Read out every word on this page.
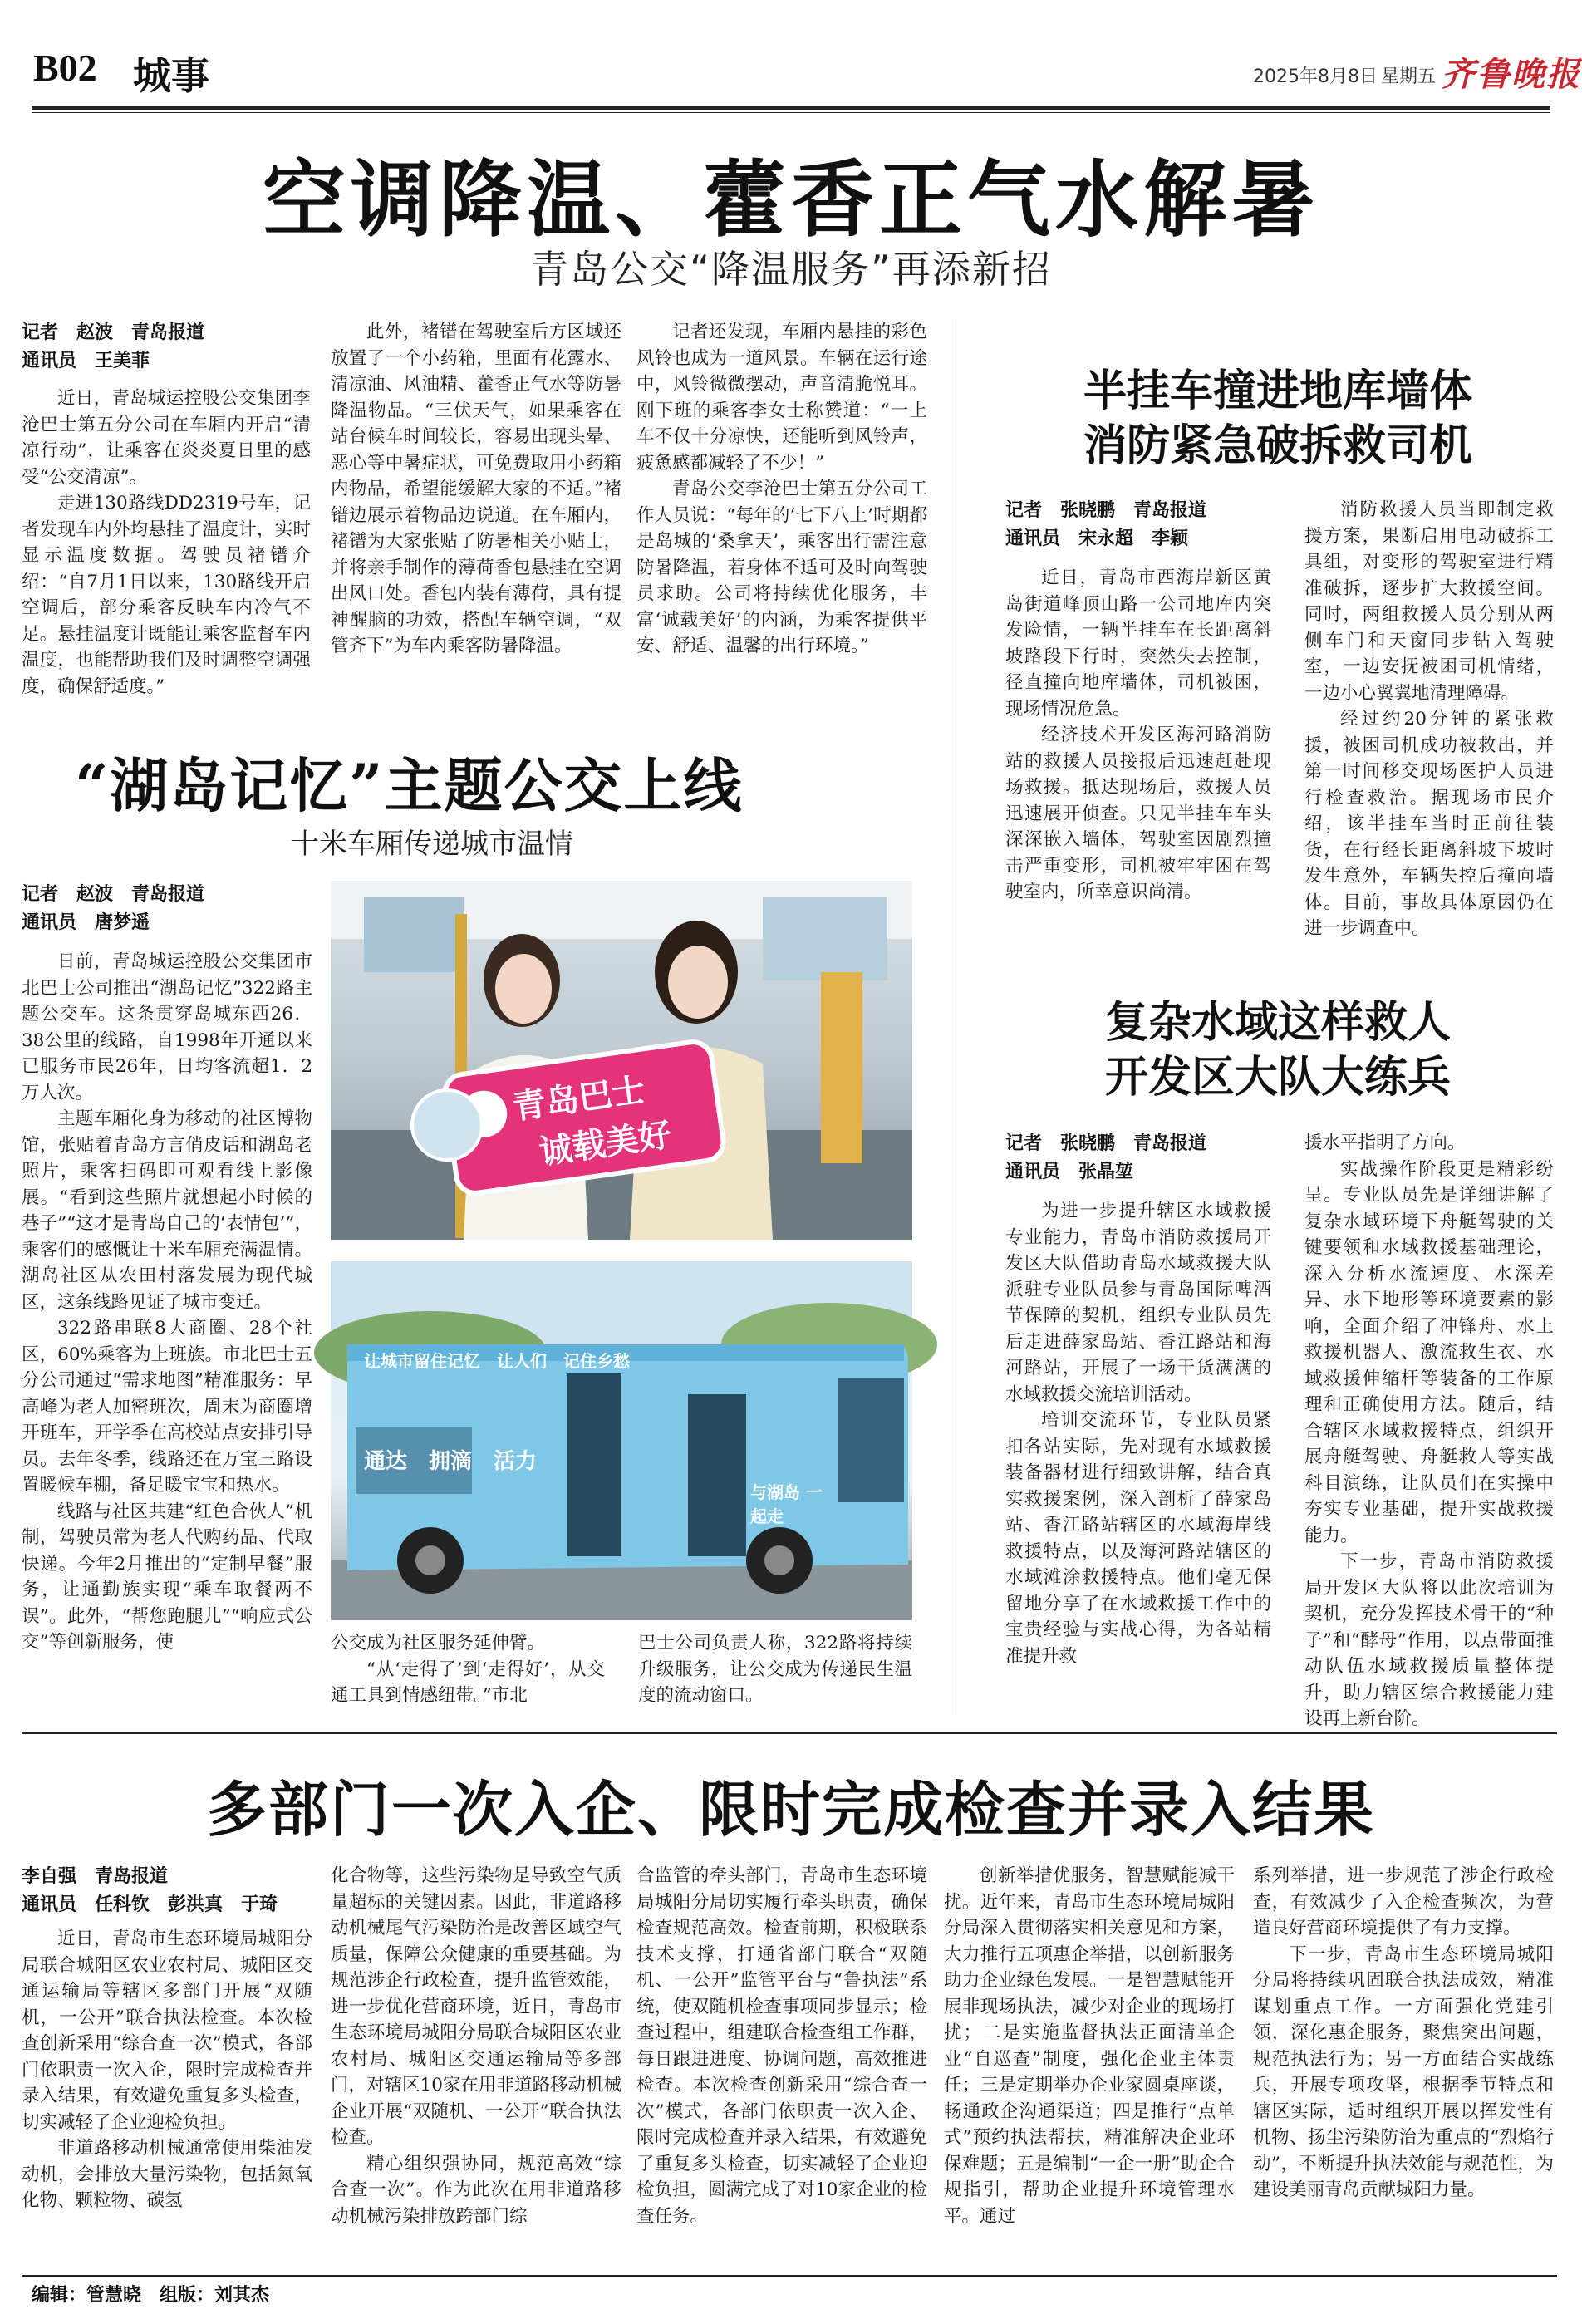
B02 城事	2025年8月8日 星期五 齐鲁晚报
空调降温、藿香正气水解暑
青岛公交“降温服务”再添新招
记者　赵波　青岛报道
通讯员　王美菲

近日，青岛城运控股公交集团李沧巴士第五分公司在车厢内开启“清凉行动”，让乘客在炎炎夏日里的感受“公交清凉”。

走进130路线DD2319号车，记者发现车内外均悬挂了温度计，实时显示温度数据。驾驶员褚镨介绍：“自7月1日以来，130路线开启空调后，部分乘客反映车内冷气不足。悬挂温度计既能让乘客监督车内温度，也能帮助我们及时调整空调强度，确保舒适度。”

此外，褚镨在驾驶室后方区域还放置了一个小药箱，里面有花露水、清凉油、风油精、藿香正气水等防暑降温物品。“三伏天气，如果乘客在站台候车时间较长，容易出现头晕、恶心等中暑症状，可免费取用小药箱内物品，希望能缓解大家的不适。”褚镨边展示着物品边说道。在车厢内，褚镨为大家张贴了防暑相关小贴士，并将亲手制作的薄荷香包悬挂在空调出风口处。香包内装有薄荷，具有提神醒脑的功效，搭配车辆空调，“双管齐下”为车内乘客防暑降温。

记者还发现，车厢内悬挂的彩色风铃也成为一道风景。车辆在运行途中，风铃微微摆动，声音清脆悦耳。刚下班的乘客李女士称赞道：“一上车不仅十分凉快，还能听到风铃声，疲惫感都减轻了不少！”

青岛公交李沧巴士第五分公司工作人员说：“每年的‘七下八上’时期都是岛城的‘桑拿天’，乘客出行需注意防暑降温，若身体不适可及时向驾驶员求助。公司将持续优化服务，丰富‘诚载美好’的内涵，为乘客提供平安、舒适、温馨的出行环境。”

“湖岛记忆”主题公交上线
十米车厢传递城市温情
记者　赵波　青岛报道
通讯员　唐梦遥

日前，青岛城运控股公交集团市北巴士公司推出“湖岛记忆”322路主题公交车。这条贯穿岛城东西26．38公里的线路，自1998年开通以来已服务市民26年，日均客流超1．2万人次。

主题车厢化身为移动的社区博物馆，张贴着青岛方言俏皮话和湖岛老照片，乘客扫码即可观看线上影像展。“看到这些照片就想起小时候的巷子”“这才是青岛自己的‘表情包’”，乘客们的感慨让十米车厢充满温情。湖岛社区从农田村落发展为现代城区，这条线路见证了城市变迁。

322路串联8大商圈、28个社区，60%乘客为上班族。市北巴士五分公司通过“需求地图”精准服务：早高峰为老人加密班次，周末为商圈增开班车，开学季在高校站点安排引导员。去年冬季，线路还在万宝三路设置暖候车棚，备足暖宝宝和热水。

线路与社区共建“红色合伙人”机制，驾驶员常为老人代购药品、代取快递。今年2月推出的“定制早餐”服务，让通勤族实现“乘车取餐两不误”。此外，“帮您跑腿儿”“响应式公交”等创新服务，使

青岛巴士
诚载美好
让城市留住记忆　让人们　记住乡愁
通达　拥滴　活力
与湖岛 一起走

公交成为社区服务延伸臂。

“从‘走得了’到‘走得好’，从交通工具到情感纽带。”市北

巴士公司负责人称，322路将持续升级服务，让公交成为传递民生温度的流动窗口。

半挂车撞进地库墙体
消防紧急破拆救司机
记者　张晓鹏　青岛报道
通讯员　宋永超　李颖

近日，青岛市西海岸新区黄岛街道峰顶山路一公司地库内突发险情，一辆半挂车在长距离斜坡路段下行时，突然失去控制，径直撞向地库墙体，司机被困，现场情况危急。

经济技术开发区海河路消防站的救援人员接报后迅速赶赴现场救援。抵达现场后，救援人员迅速展开侦查。只见半挂车车头深深嵌入墙体，驾驶室因剧烈撞击严重变形，司机被牢牢困在驾驶室内，所幸意识尚清。

消防救援人员当即制定救援方案，果断启用电动破拆工具组，对变形的驾驶室进行精准破拆，逐步扩大救援空间。同时，两组救援人员分别从两侧车门和天窗同步钻入驾驶室，一边安抚被困司机情绪，一边小心翼翼地清理障碍。

经过约20分钟的紧张救援，被困司机成功被救出，并第一时间移交现场医护人员进行检查救治。据现场市民介绍，该半挂车当时正前往装货，在行经长距离斜坡下坡时发生意外，车辆失控后撞向墙体。目前，事故具体原因仍在进一步调查中。

复杂水域这样救人
开发区大队大练兵
记者　张晓鹏　青岛报道
通讯员　张晶堃

为进一步提升辖区水域救援专业能力，青岛市消防救援局开发区大队借助青岛水域救援大队派驻专业队员参与青岛国际啤酒节保障的契机，组织专业队员先后走进薛家岛站、香江路站和海河路站，开展了一场干货满满的水域救援交流培训活动。

培训交流环节，专业队员紧扣各站实际，先对现有水域救援装备器材进行细致讲解，结合真实救援案例，深入剖析了薛家岛站、香江路站辖区的水域海岸线救援特点，以及海河路站辖区的水域滩涂救援特点。他们毫无保留地分享了在水域救援工作中的宝贵经验与实战心得，为各站精准提升救

援水平指明了方向。

实战操作阶段更是精彩纷呈。专业队员先是详细讲解了复杂水域环境下舟艇驾驶的关键要领和水域救援基础理论，深入分析水流速度、水深差异、水下地形等环境要素的影响，全面介绍了冲锋舟、水上救援机器人、激流救生衣、水域救援伸缩杆等装备的工作原理和正确使用方法。随后，结合辖区水域救援特点，组织开展舟艇驾驶、舟艇救人等实战科目演练，让队员们在实操中夯实专业基础，提升实战救援能力。

下一步，青岛市消防救援局开发区大队将以此次培训为契机，充分发挥技术骨干的“种子”和“酵母”作用，以点带面推动队伍水域救援质量整体提升，助力辖区综合救援能力建设再上新台阶。

多部门一次入企、限时完成检查并录入结果
李自强　青岛报道
通讯员　任科钦　彭洪真　于琦

近日，青岛市生态环境局城阳分局联合城阳区农业农村局、城阳区交通运输局等辖区多部门开展“双随机，一公开”联合执法检查。本次检查创新采用“综合查一次”模式，各部门依职责一次入企，限时完成检查并录入结果，有效避免重复多头检查，切实减轻了企业迎检负担。

非道路移动机械通常使用柴油发动机，会排放大量污染物，包括氮氧化物、颗粒物、碳氢

化合物等，这些污染物是导致空气质量超标的关键因素。因此，非道路移动机械尾气污染防治是改善区域空气质量，保障公众健康的重要基础。为规范涉企行政检查，提升监管效能，进一步优化营商环境，近日，青岛市生态环境局城阳分局联合城阳区农业农村局、城阳区交通运输局等多部门，对辖区10家在用非道路移动机械企业开展“双随机、一公开”联合执法检查。

精心组织强协同，规范高效“综合查一次”。作为此次在用非道路移动机械污染排放跨部门综

合监管的牵头部门，青岛市生态环境局城阳分局切实履行牵头职责，确保检查规范高效。检查前期，积极联系技术支撑，打通省部门联合“双随机、一公开”监管平台与“鲁执法”系统，使双随机检查事项同步显示；检查过程中，组建联合检查组工作群，每日跟进进度、协调问题，高效推进检查。本次检查创新采用“综合查一次”模式，各部门依职责一次入企、限时完成检查并录入结果，有效避免了重复多头检查，切实减轻了企业迎检负担，圆满完成了对10家企业的检查任务。

创新举措优服务，智慧赋能减干扰。近年来，青岛市生态环境局城阳分局深入贯彻落实相关意见和方案，大力推行五项惠企举措，以创新服务助力企业绿色发展。一是智慧赋能开展非现场执法，减少对企业的现场打扰；二是实施监督执法正面清单企业“自巡查”制度，强化企业主体责任；三是定期举办企业家圆桌座谈，畅通政企沟通渠道；四是推行“点单式”预约执法帮扶，精准解决企业环保难题；五是编制“一企一册”助企合规指引，帮助企业提升环境管理水平。通过

系列举措，进一步规范了涉企行政检查，有效减少了入企检查频次，为营造良好营商环境提供了有力支撑。

下一步，青岛市生态环境局城阳分局将持续巩固联合执法成效，精准谋划重点工作。一方面强化党建引领，深化惠企服务，聚焦突出问题，规范执法行为；另一方面结合实战练兵，开展专项攻坚，根据季节特点和辖区实际，适时组织开展以挥发性有机物、扬尘污染防治为重点的“烈焰行动”，不断提升执法效能与规范性，为建设美丽青岛贡献城阳力量。

编辑：管慧晓　组版：刘其杰
